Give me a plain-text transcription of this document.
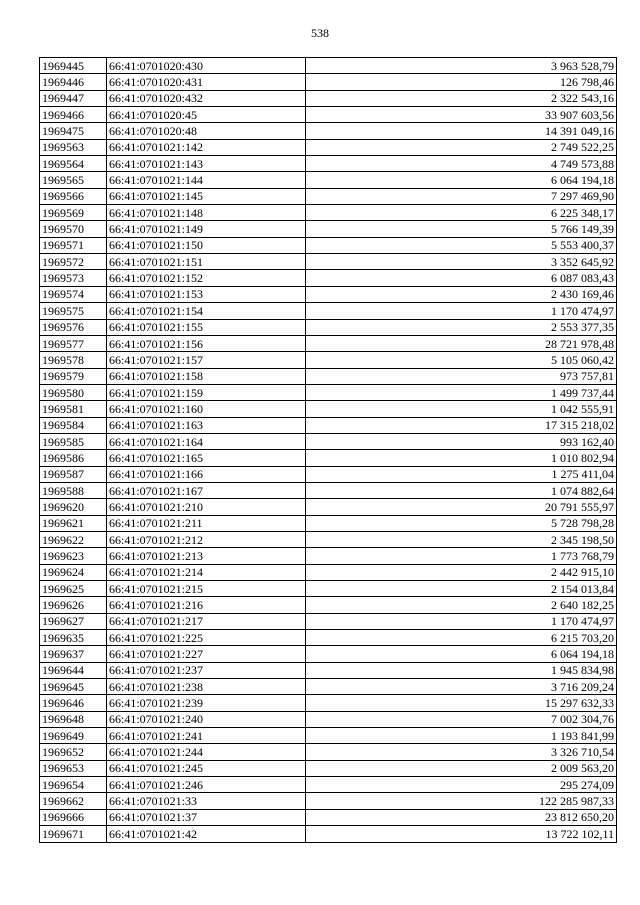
538
1969445	66:41:0701020:430	3 963 528,79
1969446	66:41:0701020:431	126 798,46
1969447	66:41:0701020:432	2 322 543,16
1969466	66:41:0701020:45	33 907 603,56
1969475	66:41:0701020:48	14 391 049,16
1969563	66:41:0701021:142	2 749 522,25
1969564	66:41:0701021:143	4 749 573,88
1969565	66:41:0701021:144	6 064 194,18
1969566	66:41:0701021:145	7 297 469,90
1969569	66:41:0701021:148	6 225 348,17
1969570	66:41:0701021:149	5 766 149,39
1969571	66:41:0701021:150	5 553 400,37
1969572	66:41:0701021:151	3 352 645,92
1969573	66:41:0701021:152	6 087 083,43
1969574	66:41:0701021:153	2 430 169,46
1969575	66:41:0701021:154	1 170 474,97
1969576	66:41:0701021:155	2 553 377,35
1969577	66:41:0701021:156	28 721 978,48
1969578	66:41:0701021:157	5 105 060,42
1969579	66:41:0701021:158	973 757,81
1969580	66:41:0701021:159	1 499 737,44
1969581	66:41:0701021:160	1 042 555,91
1969584	66:41:0701021:163	17 315 218,02
1969585	66:41:0701021:164	993 162,40
1969586	66:41:0701021:165	1 010 802,94
1969587	66:41:0701021:166	1 275 411,04
1969588	66:41:0701021:167	1 074 882,64
1969620	66:41:0701021:210	20 791 555,97
1969621	66:41:0701021:211	5 728 798,28
1969622	66:41:0701021:212	2 345 198,50
1969623	66:41:0701021:213	1 773 768,79
1969624	66:41:0701021:214	2 442 915,10
1969625	66:41:0701021:215	2 154 013,84
1969626	66:41:0701021:216	2 640 182,25
1969627	66:41:0701021:217	1 170 474,97
1969635	66:41:0701021:225	6 215 703,20
1969637	66:41:0701021:227	6 064 194,18
1969644	66:41:0701021:237	1 945 834,98
1969645	66:41:0701021:238	3 716 209,24
1969646	66:41:0701021:239	15 297 632,33
1969648	66:41:0701021:240	7 002 304,76
1969649	66:41:0701021:241	1 193 841,99
1969652	66:41:0701021:244	3 326 710,54
1969653	66:41:0701021:245	2 009 563,20
1969654	66:41:0701021:246	295 274,09
1969662	66:41:0701021:33	122 285 987,33
1969666	66:41:0701021:37	23 812 650,20
1969671	66:41:0701021:42	13 722 102,11
